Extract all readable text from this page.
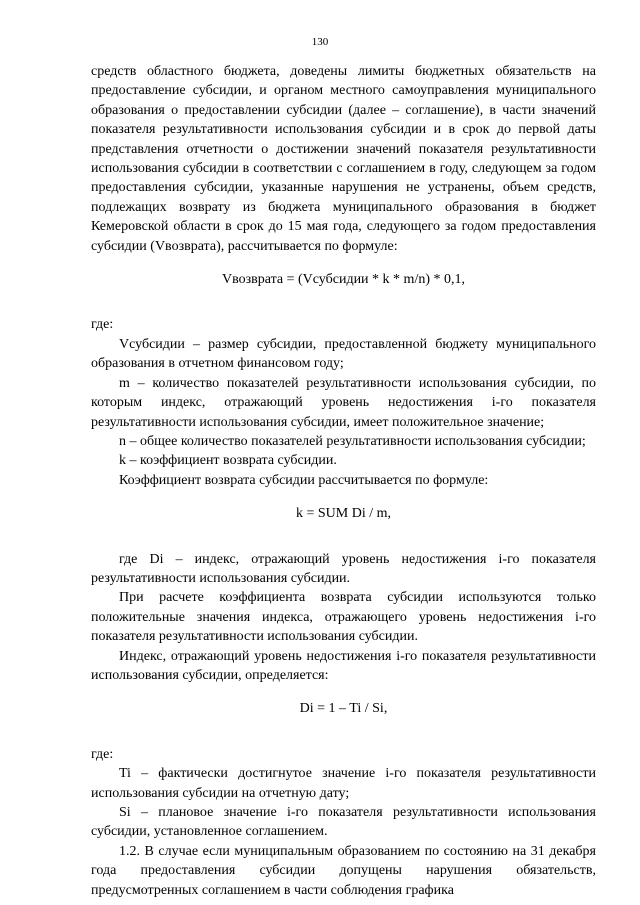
130

средств областного бюджета, доведены лимиты бюджетных обязательств на предоставление субсидии, и органом местного самоуправления муниципального образования о предоставлении субсидии (далее – соглашение), в части значений показателя результативности использования субсидии и в срок до первой даты представления отчетности о достижении значений показателя результативности использования субсидии в соответствии с соглашением в году, следующем за годом предоставления субсидии, указанные нарушения не устранены, объем средств, подлежащих возврату из бюджета муниципального образования в бюджет Кемеровской области в срок до 15 мая года, следующего за годом предоставления субсидии (Vвозврата), рассчитывается по формуле:

Vвозврата = (Vсубсидии * k * m/n) * 0,1,

где:

Vсубсидии – размер субсидии, предоставленной бюджету муниципального образования в отчетном финансовом году;

m – количество показателей результативности использования субсидии, по которым индекс, отражающий уровень недостижения i-го показателя результативности использования субсидии, имеет положительное значение;

n – общее количество показателей результативности использования субсидии;

k – коэффициент возврата субсидии.

Коэффициент возврата субсидии рассчитывается по формуле:

k = SUM Di / m,

где Di – индекс, отражающий уровень недостижения i-го показателя результативности использования субсидии.

При расчете коэффициента возврата субсидии используются только положительные значения индекса, отражающего уровень недостижения i-го показателя результативности использования субсидии.

Индекс, отражающий уровень недостижения i-го показателя результативности использования субсидии, определяется:

Di = 1 – Ti / Si,

где:

Ti – фактически достигнутое значение i-го показателя результативности использования субсидии на отчетную дату;

Si – плановое значение i-го показателя результативности использования субсидии, установленное соглашением.

1.2. В случае если муниципальным образованием по состоянию на 31 декабря года предоставления субсидии допущены нарушения обязательств, предусмотренных соглашением в части соблюдения графика
